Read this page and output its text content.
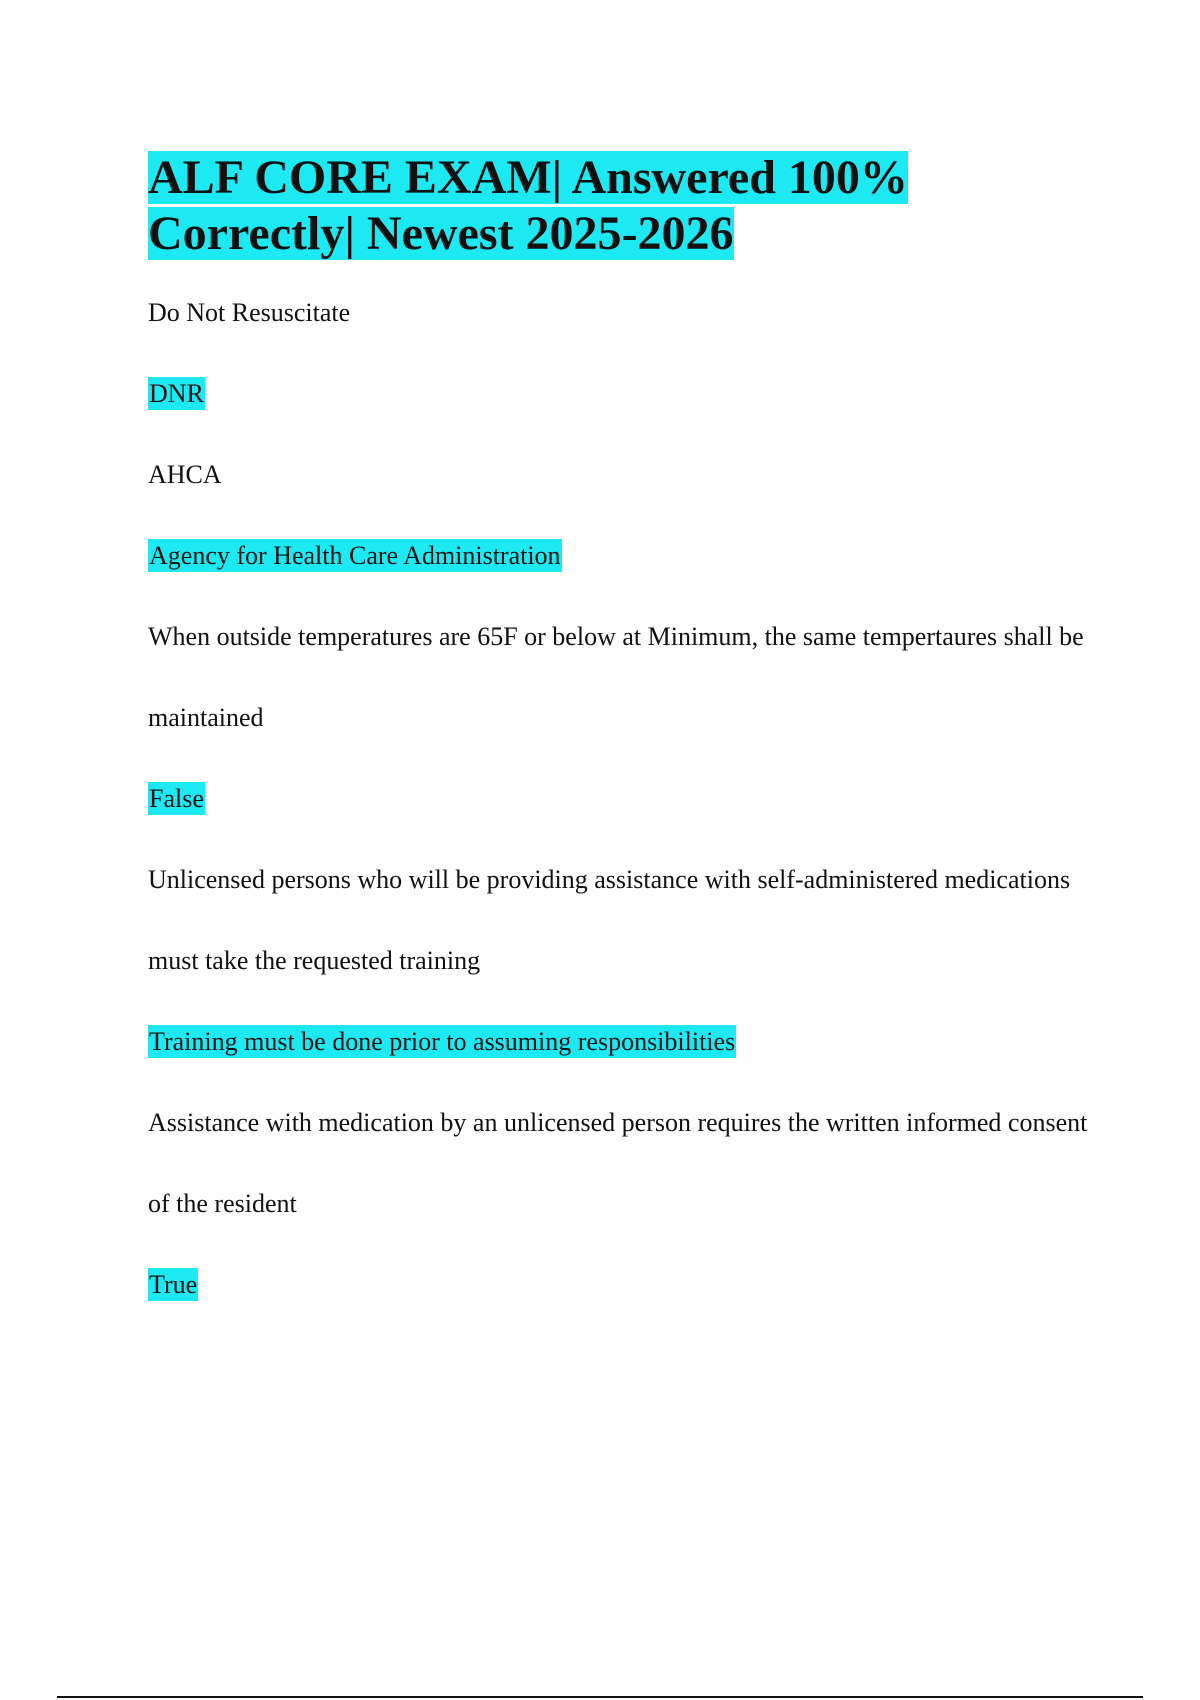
ALF CORE EXAM| Answered 100% Correctly| Newest 2025-2026

Do Not Resuscitate

DNR

AHCA

Agency for Health Care Administration

When outside temperatures are 65F or below at Minimum, the same tempertaures shall be maintained

False

Unlicensed persons who will be providing assistance with self-administered medications must take the requested training

Training must be done prior to assuming responsibilities

Assistance with medication by an unlicensed person requires the written informed consent of the resident

True
